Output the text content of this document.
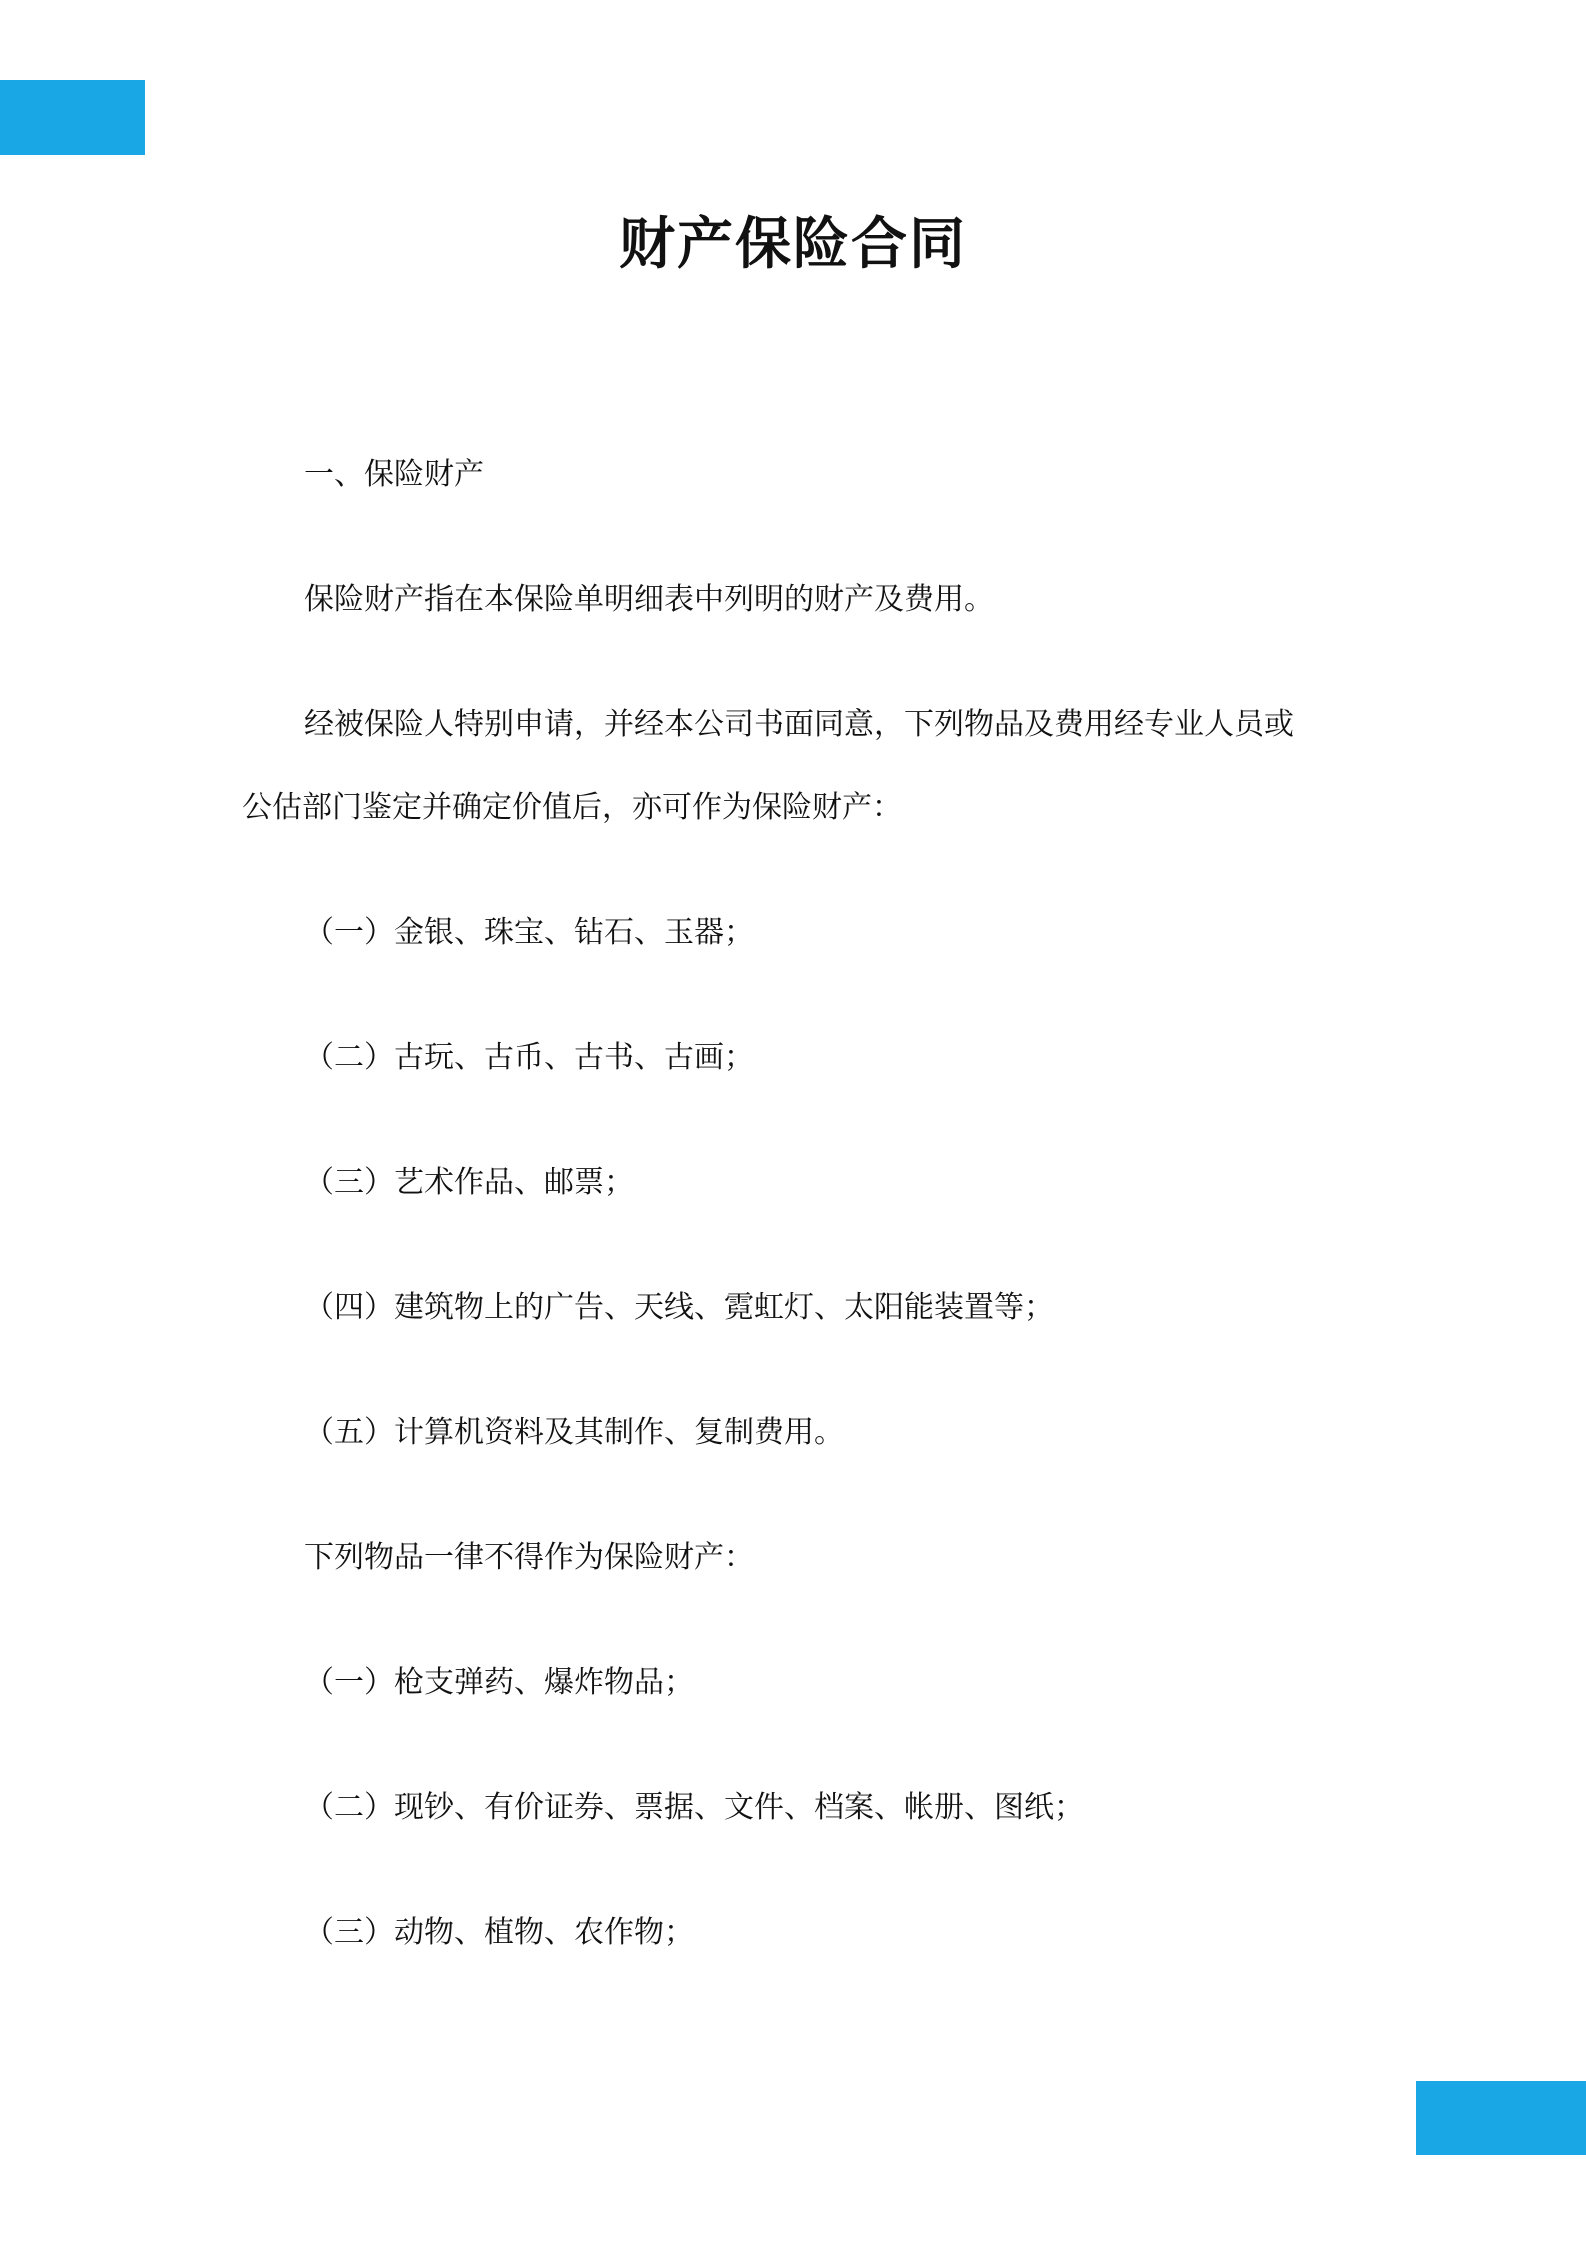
财产保险合同

一、保险财产

保险财产指在本保险单明细表中列明的财产及费用。

经被保险人特别申请，并经本公司书面同意，下列物品及费用经专业人员或

公估部门鉴定并确定价值后，亦可作为保险财产：

（一）金银、珠宝、钻石、玉器；

（二）古玩、古币、古书、古画；

（三）艺术作品、邮票；

（四）建筑物上的广告、天线、霓虹灯、太阳能装置等；

（五）计算机资料及其制作、复制费用。

下列物品一律不得作为保险财产：

（一）枪支弹药、爆炸物品；

（二）现钞、有价证券、票据、文件、档案、帐册、图纸；

（三）动物、植物、农作物；
